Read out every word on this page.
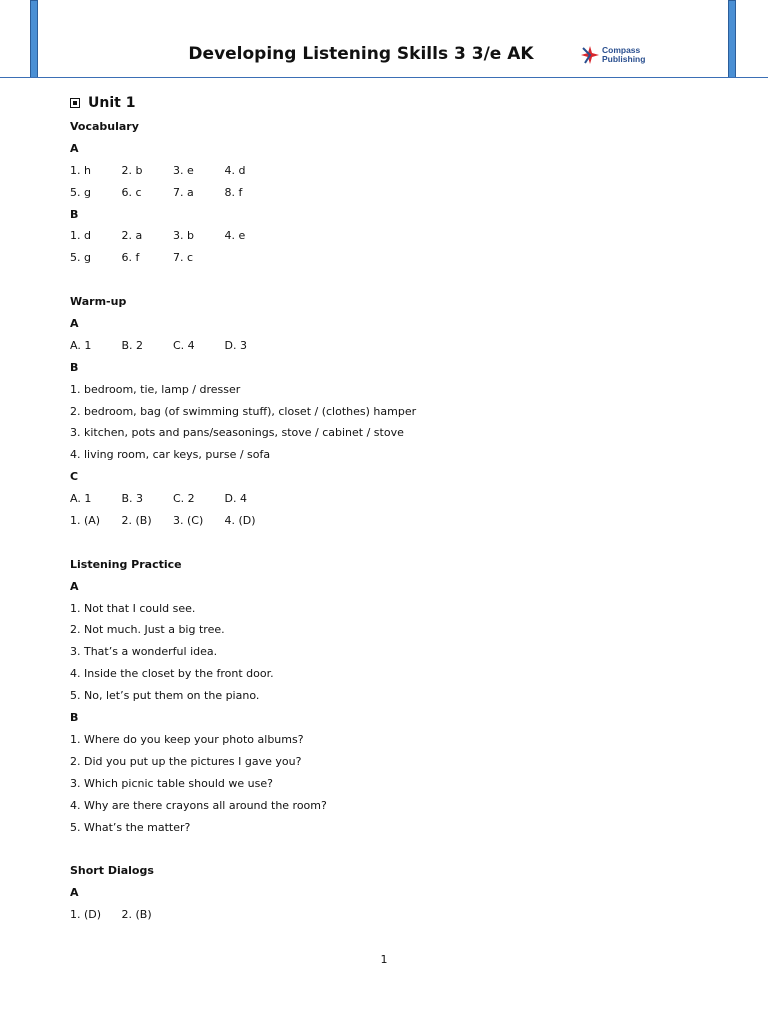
Developing Listening Skills 3 3/e AK	Compass
Publishing
Unit 1
Vocabulary
A
1. h	2. b	3. e	4. d
5. g	6. c	7. a	8. f
B
1. d	2. a	3. b	4. e
5. g	6. f	7. c
Warm-up
A
A. 1	B. 2	C. 4	D. 3
B
1. bedroom, tie, lamp / dresser
2. bedroom, bag (of swimming stuff), closet / (clothes) hamper
3. kitchen, pots and pans/seasonings, stove / cabinet / stove
4. living room, car keys, purse / sofa
C
A. 1	B. 3	C. 2	D. 4
1. (A)	2. (B)	3. (C)	4. (D)
Listening Practice
A
1. Not that I could see.
2. Not much. Just a big tree.
3. That’s a wonderful idea.
4. Inside the closet by the front door.
5. No, let’s put them on the piano.
B
1. Where do you keep your photo albums?
2. Did you put up the pictures I gave you?
3. Which picnic table should we use?
4. Why are there crayons all around the room?
5. What’s the matter?
Short Dialogs
A
1. (D)	2. (B)
1
